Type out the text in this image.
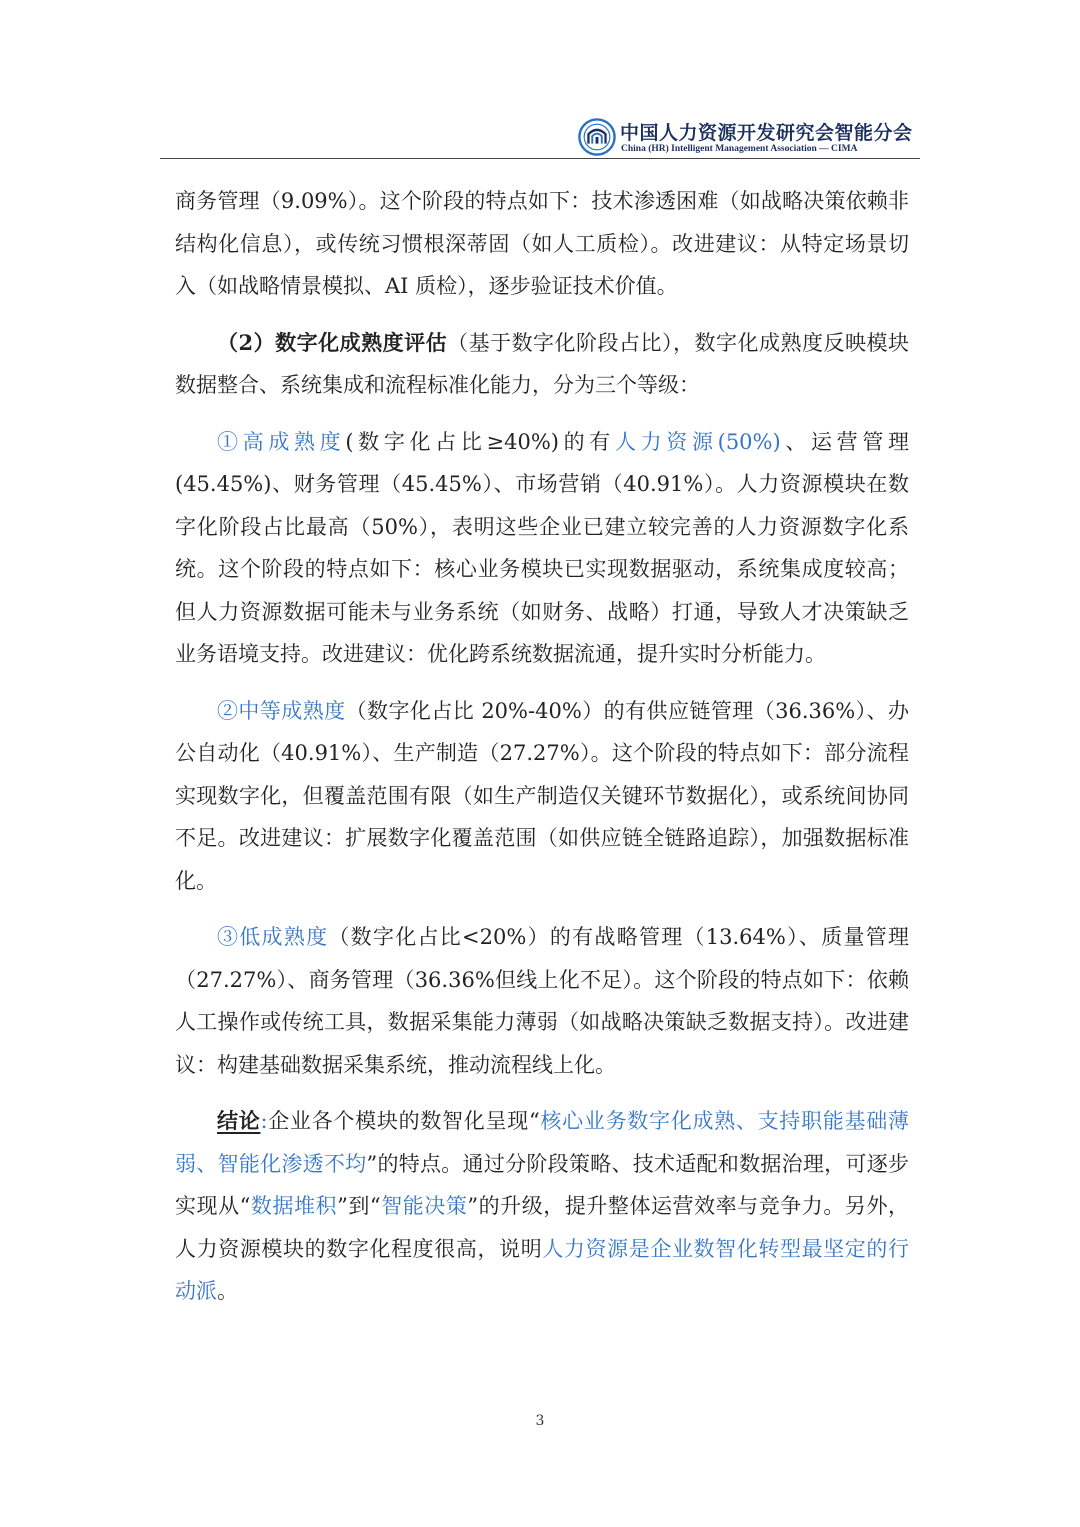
中国人力资源开发研究会智能分会
China (HR) Intelligent Management Association — CIMA

商务管理（9.09%）。这个阶段的特点如下：技术渗透困难（如战略决策依赖非结构化信息），或传统习惯根深蒂固（如人工质检）。改进建议：从特定场景切入（如战略情景模拟、AI 质检），逐步验证技术价值。

（2）数字化成熟度评估（基于数字化阶段占比），数字化成熟度反映模块数据整合、系统集成和流程标准化能力，分为三个等级：

①高成熟度(数字化占比≥40%)的有人力资源(50%)、运营管理(45.45%)、财务管理（45.45%）、市场营销（40.91%）。人力资源模块在数字化阶段占比最高（50%），表明这些企业已建立较完善的人力资源数字化系统。这个阶段的特点如下：核心业务模块已实现数据驱动，系统集成度较高；但人力资源数据可能未与业务系统（如财务、战略）打通，导致人才决策缺乏业务语境支持。改进建议：优化跨系统数据流通，提升实时分析能力。

②中等成熟度（数字化占比 20%-40%）的有供应链管理（36.36%）、办公自动化（40.91%）、生产制造（27.27%）。这个阶段的特点如下：部分流程实现数字化，但覆盖范围有限（如生产制造仅关键环节数据化），或系统间协同不足。改进建议：扩展数字化覆盖范围（如供应链全链路追踪），加强数据标准化。

③低成熟度（数字化占比<20%）的有战略管理（13.64%）、质量管理（27.27%）、商务管理（36.36%但线上化不足）。这个阶段的特点如下：依赖人工操作或传统工具，数据采集能力薄弱（如战略决策缺乏数据支持）。改进建议：构建基础数据采集系统，推动流程线上化。

结论:企业各个模块的数智化呈现“核心业务数字化成熟、支持职能基础薄弱、智能化渗透不均”的特点。通过分阶段策略、技术适配和数据治理，可逐步实现从“数据堆积”到“智能决策”的升级，提升整体运营效率与竞争力。另外，人力资源模块的数字化程度很高，说明人力资源是企业数智化转型最坚定的行动派。

3
